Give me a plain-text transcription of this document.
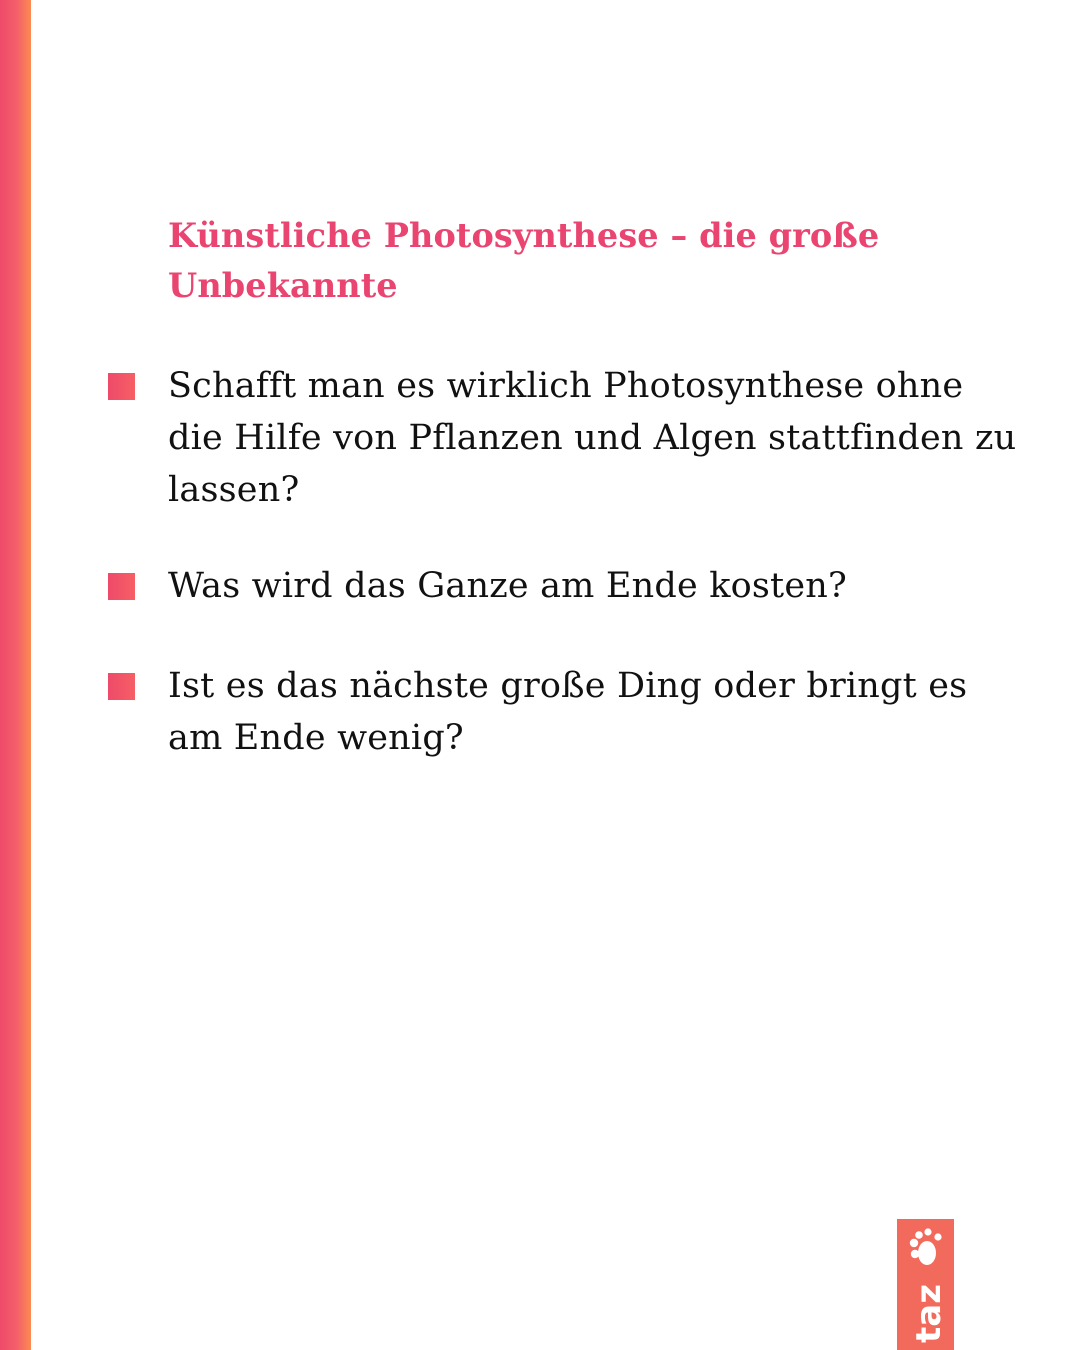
Künstliche Photosynthese – die große Unbekannte
Schafft man es wirklich Photosynthese ohne die Hilfe von Pflanzen und Algen stattfinden zu lassen?
Was wird das Ganze am Ende kosten?
Ist es das nächste große Ding oder bringt es am Ende wenig?
taz
